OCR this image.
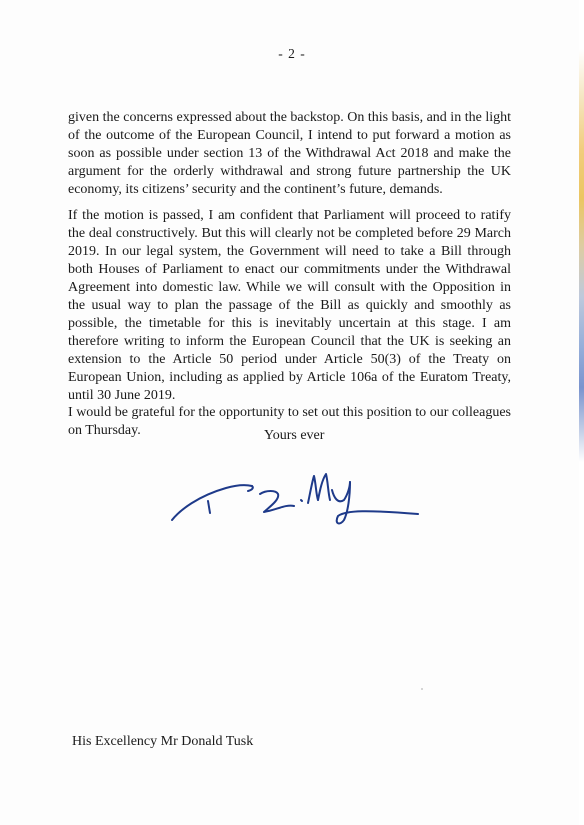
- 2 -
given the concerns expressed about the backstop. On this basis, and in the light of the outcome of the European Council, I intend to put forward a motion as soon as possible under section 13 of the Withdrawal Act 2018 and make the argument for the orderly withdrawal and strong future partnership the UK economy, its citizens’ security and the continent’s future, demands.
If the motion is passed, I am confident that Parliament will proceed to ratify the deal constructively. But this will clearly not be completed before 29 March 2019. In our legal system, the Government will need to take a Bill through both Houses of Parliament to enact our commitments under the Withdrawal Agreement into domestic law. While we will consult with the Opposition in the usual way to plan the passage of the Bill as quickly and smoothly as possible, the timetable for this is inevitably uncertain at this stage. I am therefore writing to inform the European Council that the UK is seeking an extension to the Article 50 period under Article 50(3) of the Treaty on European Union, including as applied by Article 106a of the Euratom Treaty, until 30 June 2019.
I would be grateful for the opportunity to set out this position to our colleagues on Thursday.	Yours ever
His Excellency Mr Donald Tusk
